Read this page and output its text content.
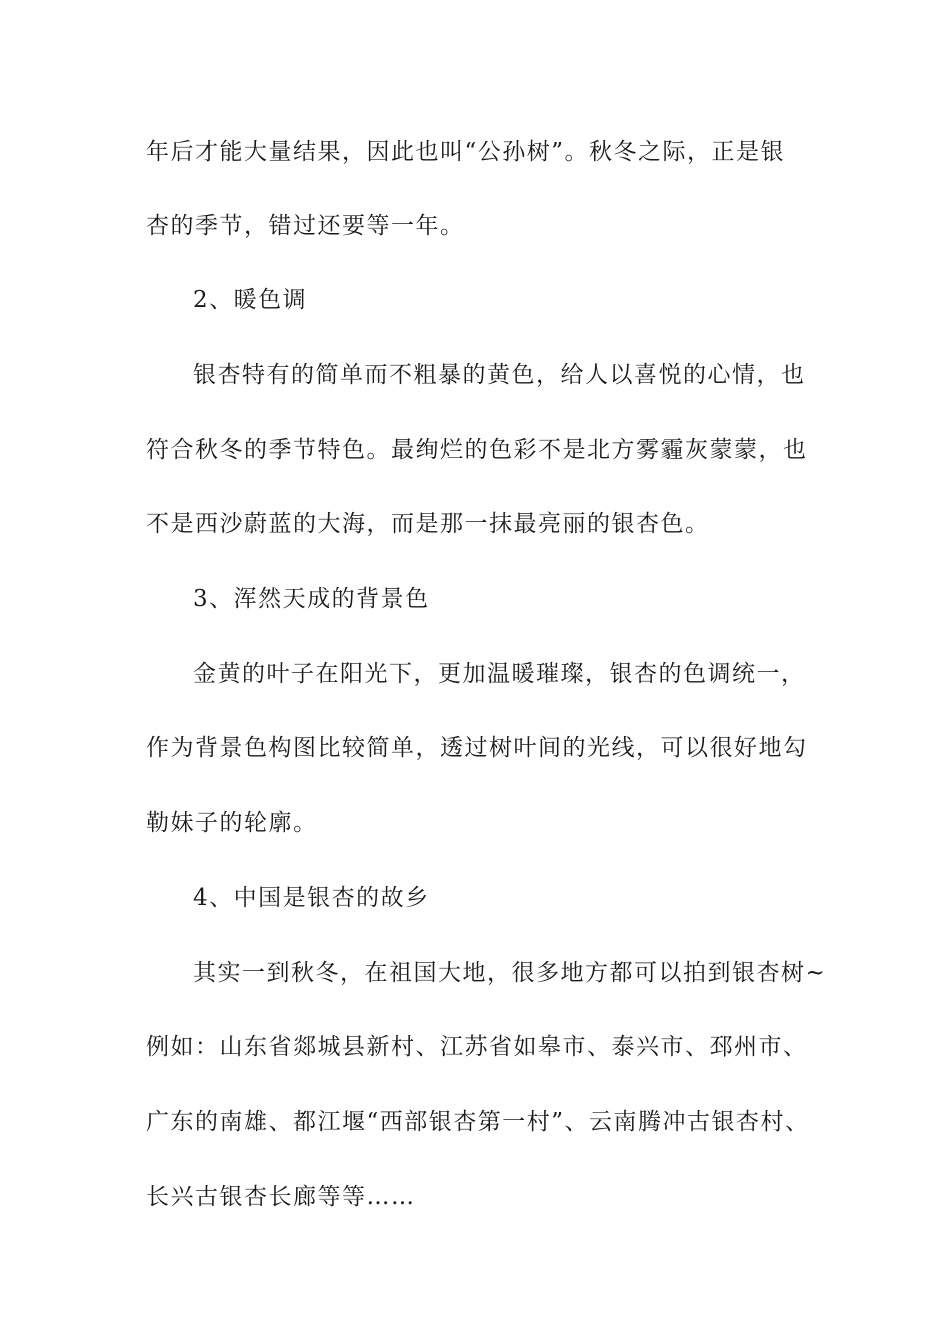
年后才能大量结果，因此也叫“公孙树”。秋冬之际，正是银
杏的季节，错过还要等一年。
2、暖色调
银杏特有的简单而不粗暴的黄色，给人以喜悦的心情，也
符合秋冬的季节特色。最绚烂的色彩不是北方雾霾灰蒙蒙，也
不是西沙蔚蓝的大海，而是那一抹最亮丽的银杏色。
3、浑然天成的背景色
金黄的叶子在阳光下，更加温暖璀璨，银杏的色调统一，
作为背景色构图比较简单，透过树叶间的光线，可以很好地勾
勒妹子的轮廓。
4、中国是银杏的故乡
其实一到秋冬，在祖国大地，很多地方都可以拍到银杏树~
例如：山东省郯城县新村、江苏省如皋市、泰兴市、邳州市、
广东的南雄、都江堰“西部银杏第一村”、云南腾冲古银杏村、
长兴古银杏长廊等等……
